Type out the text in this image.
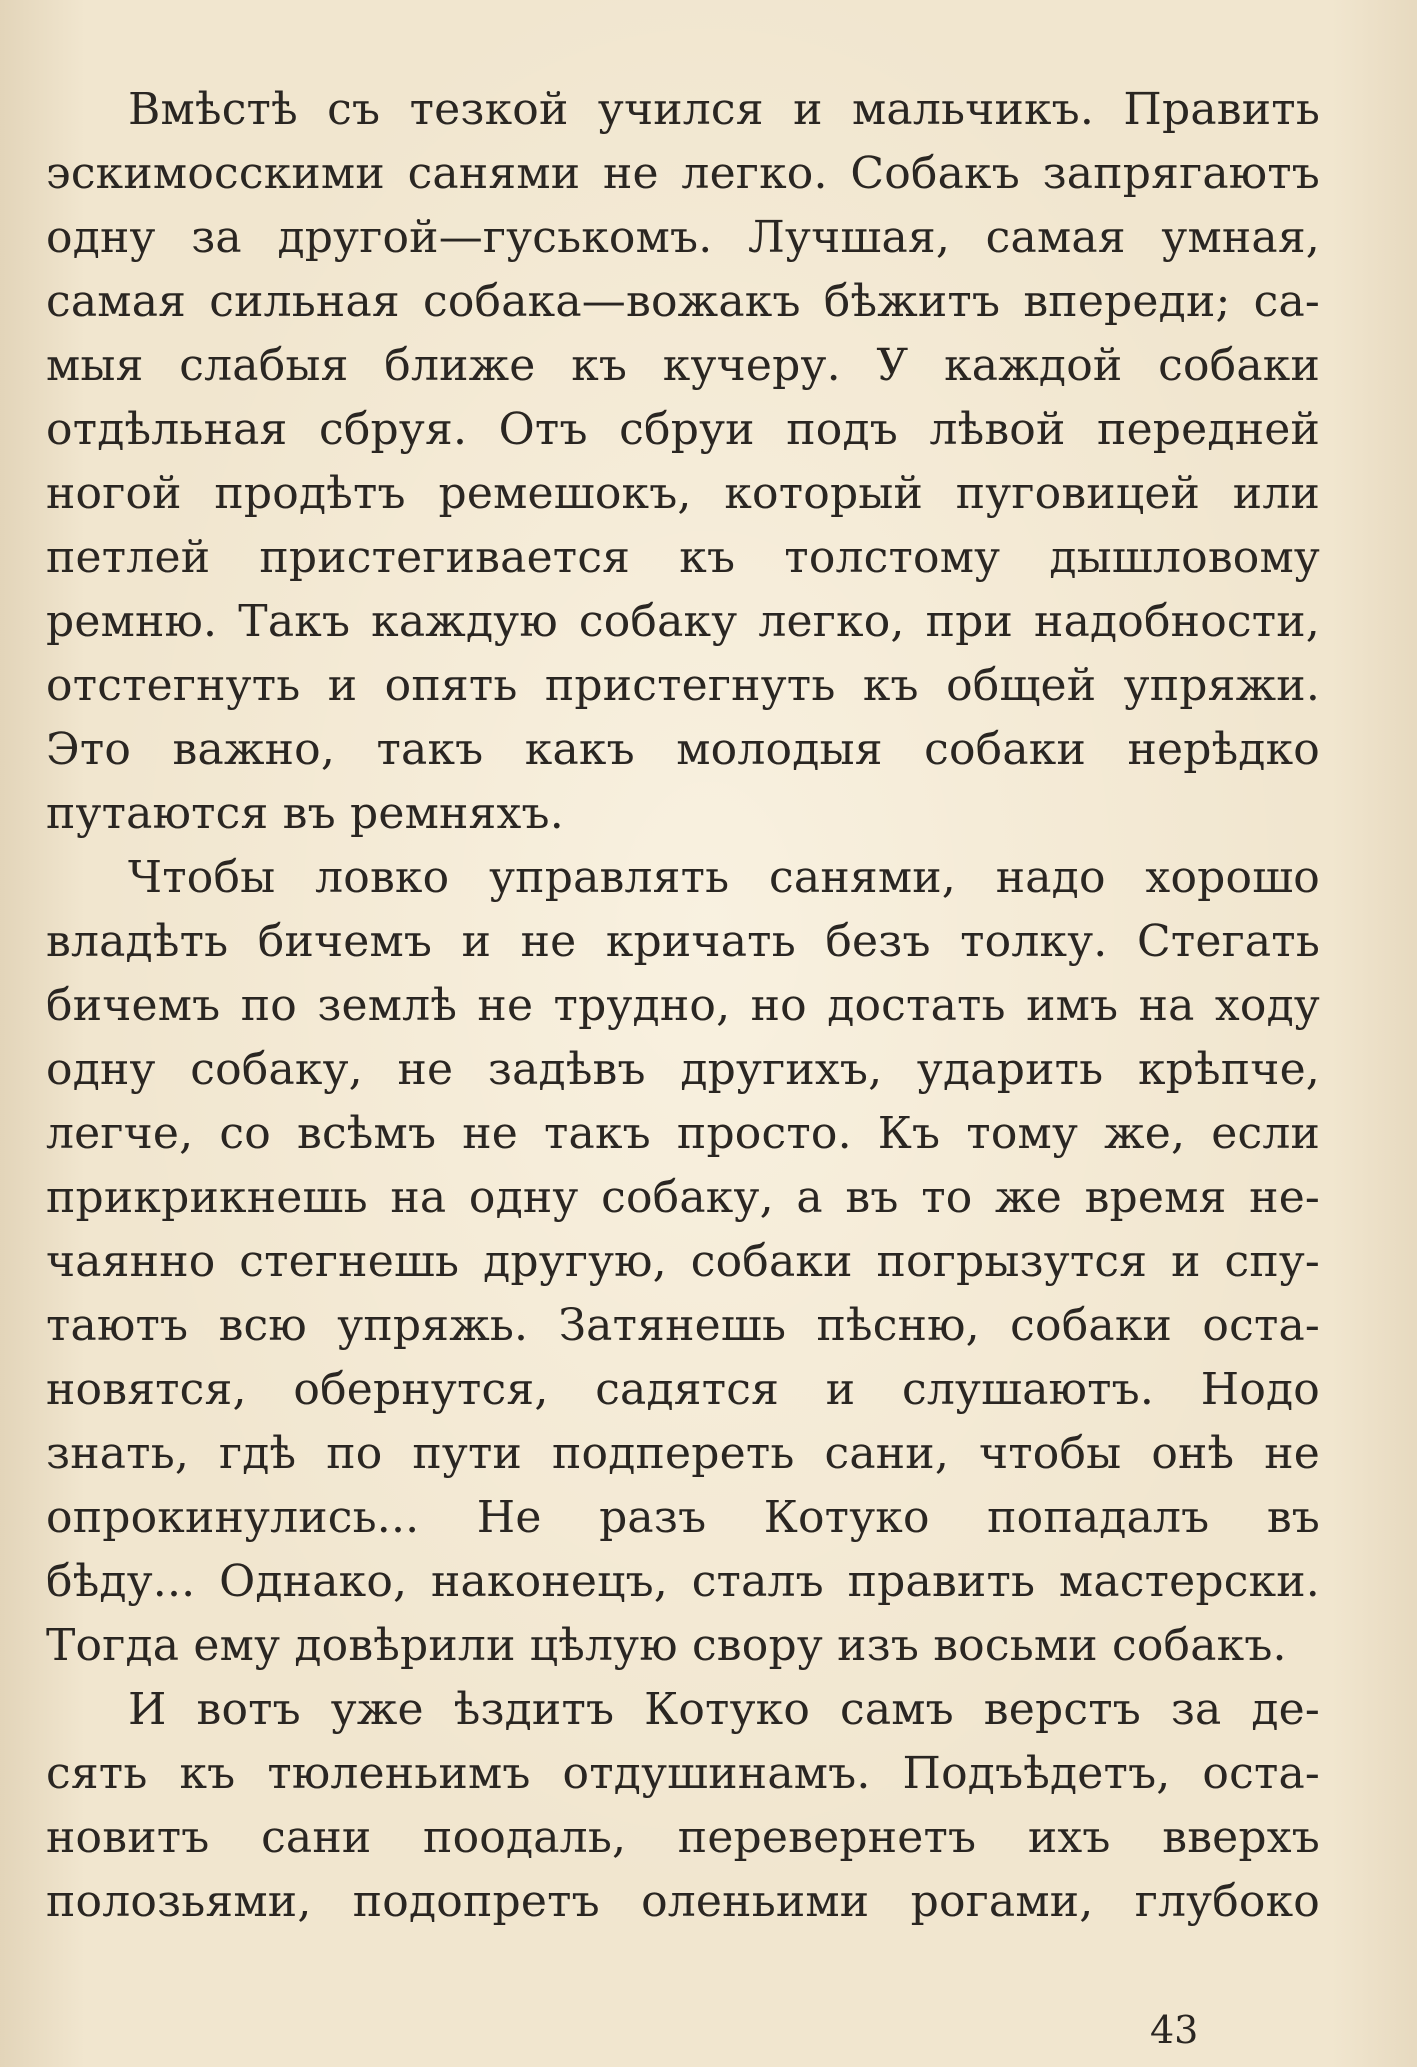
Вмѣстѣ съ тезкой учился и мальчикъ. Править
эскимосскими санями не легко. Собакъ запрягаютъ
одну за другой—гуськомъ. Лучшая, самая умная,
самая сильная собака—вожакъ бѣжитъ впереди; са-
мыя слабыя ближе къ кучеру. У каждой собаки
отдѣльная сбруя. Отъ сбруи подъ лѣвой передней
ногой продѣтъ ремешокъ, который пуговицей или
петлей пристегивается къ толстому дышловому
ремню. Такъ каждую собаку легко, при надобности,
отстегнуть и опять пристегнуть къ общей упряжи.
Это важно, такъ какъ молодыя собаки нерѣдко
путаются въ ремняхъ.

Чтобы ловко управлять санями, надо хорошо
владѣть бичемъ и не кричать безъ толку. Стегать
бичемъ по землѣ не трудно, но достать имъ на ходу
одну собаку, не задѣвъ другихъ, ударить крѣпче,
легче, со всѣмъ не такъ просто. Къ тому же, если
прикрикнешь на одну собаку, а въ то же время не-
чаянно стегнешь другую, собаки погрызутся и спу-
таютъ всю упряжь. Затянешь пѣсню, собаки оста-
новятся, обернутся, садятся и слушаютъ. Нодо
знать, гдѣ по пути подпереть сани, чтобы онѣ не
опрокинулись... Не разъ Котуко попадалъ въ
бѣду... Однако, наконецъ, сталъ править мастерски.
Тогда ему довѣрили цѣлую свору изъ восьми собакъ.

И вотъ уже ѣздитъ Котуко самъ верстъ за де-
сять къ тюленьимъ отдушинамъ. Подъѣдетъ, оста-
новитъ сани поодаль, перевернетъ ихъ вверхъ
полозьями, подопретъ оленьими рогами, глубоко

43
